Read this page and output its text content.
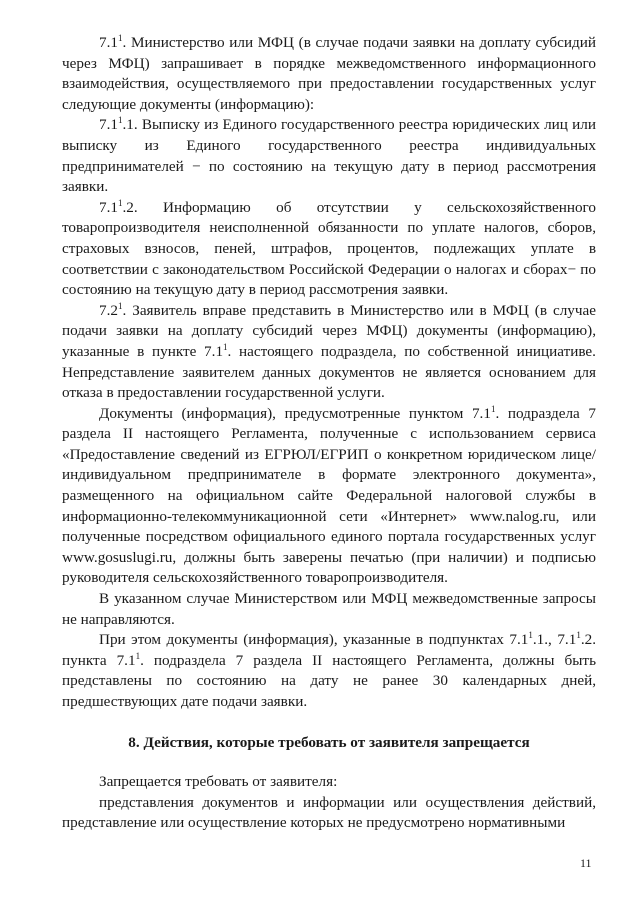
$7.1^1$. Министерство или МФЦ (в случае подачи заявки на доплату субсидий через МФЦ) запрашивает в порядке межведомственного информационного взаимодействия, осуществляемого при предоставлении государственных услуг следующие документы (информацию):

$7.1^1.1$. Выписку из Единого государственного реестра юридических лиц или выписку из Единого государственного реестра индивидуальных предпринимателей − по состоянию на текущую дату в период рассмотрения заявки.

$7.1^1.2$. Информацию об отсутствии у сельскохозяйственного товаропроизводителя неисполненной обязанности по уплате налогов, сборов, страховых взносов, пеней, штрафов, процентов, подлежащих уплате в соответствии с законодательством Российской Федерации о налогах и сборах− по состоянию на текущую дату в период рассмотрения заявки.

$7.2^1$. Заявитель вправе представить в Министерство или в МФЦ (в случае подачи заявки на доплату субсидий через МФЦ) документы (информацию), указанные в пункте $7.1^1$. настоящего подраздела, по собственной инициативе. Непредставление заявителем данных документов не является основанием для отказа в предоставлении государственной услуги.

Документы (информация), предусмотренные пунктом $7.1^1$. подраздела 7 раздела II настоящего Регламента, полученные с использованием сервиса «Предоставление сведений из ЕГРЮЛ/ЕГРИП о конкретном юридическом лице/индивидуальном предпринимателе в формате электронного документа», размещенного на официальном сайте Федеральной налоговой службы в информационно-телекоммуникационной сети «Интернет» www.nalog.ru, или полученные посредством официального единого портала государственных услуг www.gosuslugi.ru, должны быть заверены печатью (при наличии) и подписью руководителя сельскохозяйственного товаропроизводителя.

В указанном случае Министерством или МФЦ межведомственные запросы не направляются.

При этом документы (информация), указанные в подпунктах $7.1^1.1$., $7.1^1.2$. пункта $7.1^1$. подраздела 7 раздела II настоящего Регламента, должны быть представлены по состоянию на дату не ранее 30 календарных дней, предшествующих дате подачи заявки.

8. Действия, которые требовать от заявителя запрещается

Запрещается требовать от заявителя:

представления документов и информации или осуществления действий, представление или осуществление которых не предусмотрено нормативными

11
